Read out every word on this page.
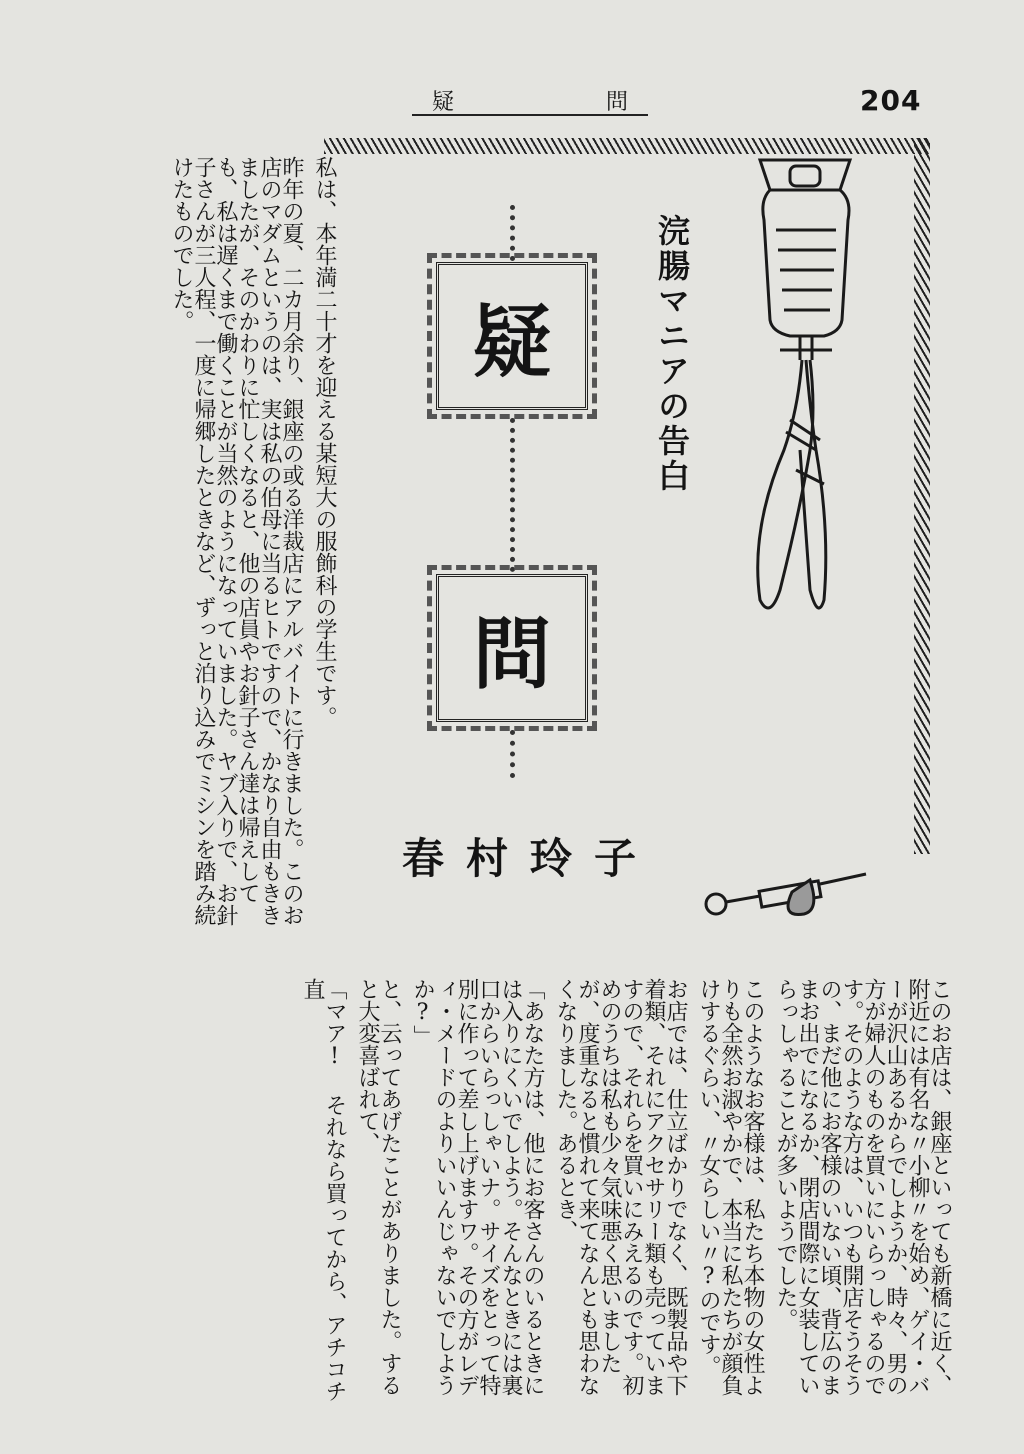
疑	問	204
浣腸マニアの告白
疑
問
春村玲子

私は、本年満二十才を迎える某短大の服飾科の学生です。

昨年の夏、二カ月余り、銀座の或る洋裁店にアルバイトに行きました。このお店のマダムというのは、実は私の伯母に当るヒトですので、かなり自由もききましたが、そのかわりに忙しくなると、他の店員やお針子さん達は帰えしても、私は遅くまで働くことが当然のようになっていました。ヤブ入りで、お針子さんが三人程、一度に帰郷したときなど、ずっと泊り込みでミシンを踏み続けたものでした。

このお店は、銀座といっても新橋に近く、附近には有名な〃小柳〃を始め、ゲイ・バーが沢山あるからでしようか、時々、男の方が婦人のものを買いにいらっしゃるのです。そのような方は、いつも開店そうそうの、まだ他にお客様のいない頃、背広のままお出でになるか、閉店間際に女装していらっしゃることが多いようでした。

このようなお客様は、私たち本物の女性よりも全然お淑やかで、本当に私たちが顔負けするぐらい、〃女らしい〃?のです。

お店では、仕立ばかりでなく、既製品や下着類、それにアクセサリー類も売っていますので、それらを買いにみえるのです。初めのうちは私も少々気味悪く思いましたが、度重なると慣れて来てなんとも思わなくなりました。あるとき、

「あなた方は、他にお客さんのいるときには入りにくいでしよう。そんなときには裏口からいらっしゃいナ。サイズをとって特別に作って差し上げますワ。その方がレディ・メードのよりいいんじゃないでしようか?」

と、云ってあげたことがありました。すると大変喜ばれて、

「マア! それなら買ってから、アチコチ直
